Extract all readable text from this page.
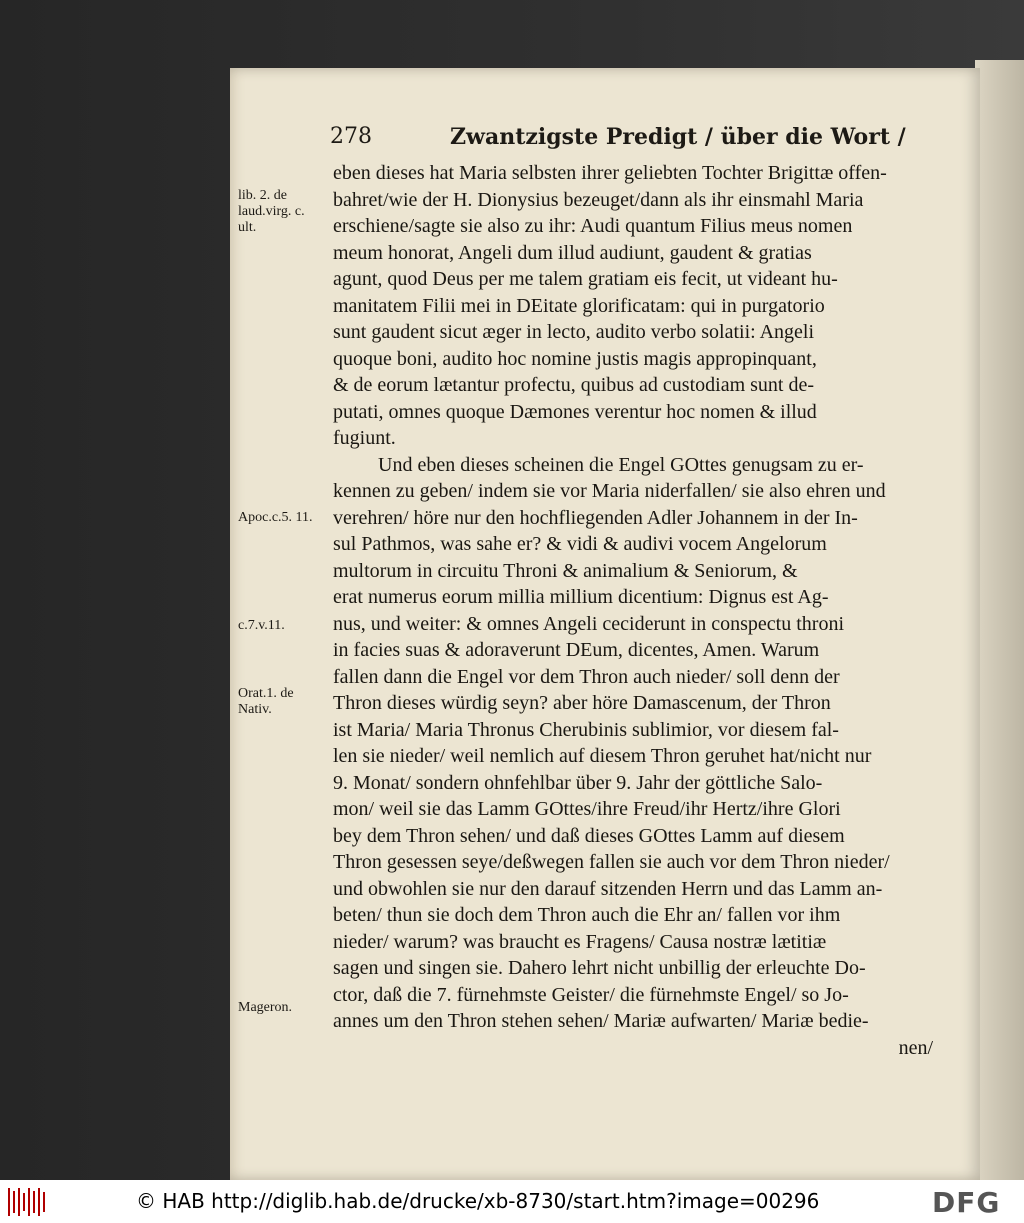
278	Zwantzigste Predigt / über die Wort /
lib. 2. de laud.virg. c. ult.
Apoc.c.5. 11.
c.7.v.11.
Orat.1. de Nativ.
Mageron.
eben dieses hat Maria selbsten ihrer geliebten Tochter Brigittæ offen-
bahret/wie der H. Dionysius bezeuget/dann als ihr einsmahl Maria
erschiene/sagte sie also zu ihr: Audi quantum Filius meus nomen
meum honorat, Angeli dum illud audiunt, gaudent & gratias
agunt, quod Deus per me talem gratiam eis fecit, ut videant hu-
manitatem Filii mei in DEitate glorificatam: qui in purgatorio
sunt gaudent sicut æger in lecto, audito verbo solatii: Angeli
quoque boni, audito hoc nomine justis magis appropinquant,
& de eorum lætantur profectu, quibus ad custodiam sunt de-
putati, omnes quoque Dæmones verentur hoc nomen & illud
fugiunt.
Und eben dieses scheinen die Engel GOttes genugsam zu er-
kennen zu geben/ indem sie vor Maria niderfallen/ sie also ehren und
verehren/ höre nur den hochfliegenden Adler Johannem in der In-
sul Pathmos, was sahe er? & vidi & audivi vocem Angelorum
multorum in circuitu Throni & animalium & Seniorum, &
erat numerus eorum millia millium dicentium: Dignus est Ag-
nus, und weiter: & omnes Angeli ceciderunt in conspectu throni
in facies suas & adoraverunt DEum, dicentes, Amen. Warum
fallen dann die Engel vor dem Thron auch nieder/ soll denn der
Thron dieses würdig seyn? aber höre Damascenum, der Thron
ist Maria/ Maria Thronus Cherubinis sublimior, vor diesem fal-
len sie nieder/ weil nemlich auf diesem Thron geruhet hat/nicht nur
9. Monat/ sondern ohnfehlbar über 9. Jahr der göttliche Salo-
mon/ weil sie das Lamm GOttes/ihre Freud/ihr Hertz/ihre Glori
bey dem Thron sehen/ und daß dieses GOttes Lamm auf diesem
Thron gesessen seye/deßwegen fallen sie auch vor dem Thron nieder/
und obwohlen sie nur den darauf sitzenden Herrn und das Lamm an-
beten/ thun sie doch dem Thron auch die Ehr an/ fallen vor ihm
nieder/ warum? was braucht es Fragens/ Causa nostræ lætitiæ
sagen und singen sie. Dahero lehrt nicht unbillig der erleuchte Do-
ctor, daß die 7. fürnehmste Geister/ die fürnehmste Engel/ so Jo-
annes um den Thron stehen sehen/ Mariæ aufwarten/ Mariæ bedie-
nen/
© HAB http://diglib.hab.de/drucke/xb-8730/start.htm?image=00296	DFG
